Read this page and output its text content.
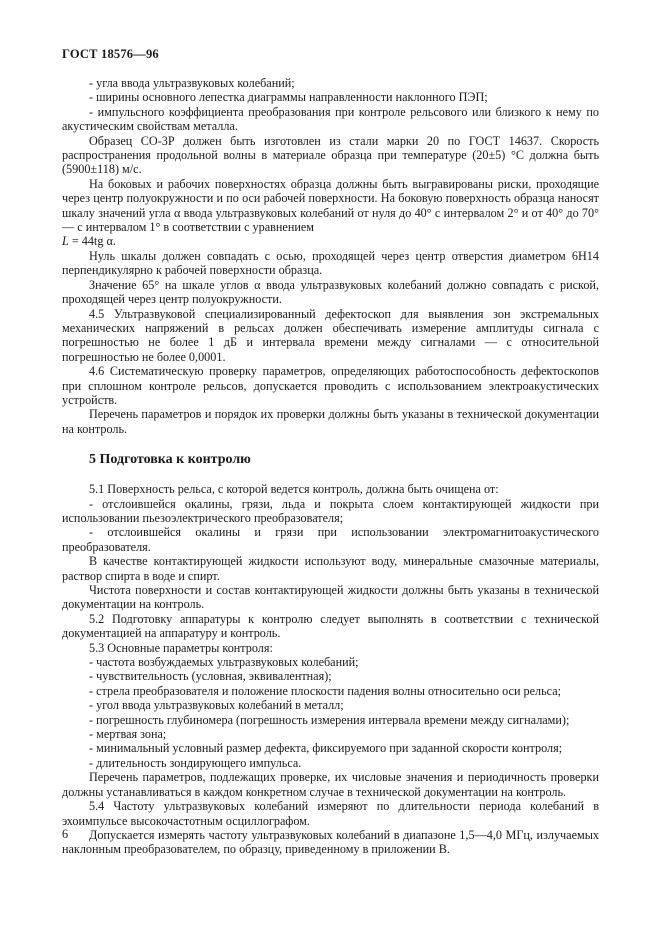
ГОСТ 18576—96

- угла ввода ультразвуковых колебаний;

- ширины основного лепестка диаграммы направленности наклонного ПЭП;

- импульсного коэффициента преобразования при контроле рельсового или близкого к нему по акустическим свойствам металла.

Образец СО-3Р должен быть изготовлен из стали марки 20 по ГОСТ 14637. Скорость распространения продольной волны в материале образца при температуре (20±5) °С должна быть (5900±118) м/с.

На боковых и рабочих поверхностях образца должны быть выгравированы риски, проходящие через центр полуокружности и по оси рабочей поверхности. На боковую поверхность образца наносят шкалу значений угла α ввода ультразвуковых колебаний от нуля до 40° с интервалом 2° и от 40° до 70° — с интервалом 1° в соответствии с уравнением

L = 44tg α.

Нуль шкалы должен совпадать с осью, проходящей через центр отверстия диаметром 6Н14 перпендикулярно к рабочей поверхности образца.

Значение 65° на шкале углов α ввода ультразвуковых колебаний должно совпадать с риской, проходящей через центр полуокружности.

4.5 Ультразвуковой специализированный дефектоскоп для выявления зон экстремальных механических напряжений в рельсах должен обеспечивать измерение амплитуды сигнала с погрешностью не более 1 дБ и интервала времени между сигналами — с относительной погрешностью не более 0,0001.

4.6 Систематическую проверку параметров, определяющих работоспособность дефектоскопов при сплошном контроле рельсов, допускается проводить с использованием электроакустических устройств.

Перечень параметров и порядок их проверки должны быть указаны в технической документации на контроль.

5 Подготовка к контролю

5.1 Поверхность рельса, с которой ведется контроль, должна быть очищена от:

- отслоившейся окалины, грязи, льда и покрыта слоем контактирующей жидкости при использовании пьезоэлектрического преобразователя;

- отслоившейся окалины и грязи при использовании электромагнитоакустического преобразователя.

В качестве контактирующей жидкости используют воду, минеральные смазочные материалы, раствор спирта в воде и спирт.

Чистота поверхности и состав контактирующей жидкости должны быть указаны в технической документации на контроль.

5.2 Подготовку аппаратуры к контролю следует выполнять в соответствии с технической документацией на аппаратуру и контроль.

5.3 Основные параметры контроля:

- частота возбуждаемых ультразвуковых колебаний;

- чувствительность (условная, эквивалентная);

- стрела преобразователя и положение плоскости падения волны относительно оси рельса;

- угол ввода ультразвуковых колебаний в металл;

- погрешность глубиномера (погрешность измерения интервала времени между сигналами);

- мертвая зона;

- минимальный условный размер дефекта, фиксируемого при заданной скорости контроля;

- длительность зондирующего импульса.

Перечень параметров, подлежащих проверке, их числовые значения и периодичность проверки должны устанавливаться в каждом конкретном случае в технической документации на контроль.

5.4 Частоту ультразвуковых колебаний измеряют по длительности периода колебаний в эхоимпульсе высокочастотным осциллографом.

Допускается измерять частоту ультразвуковых колебаний в диапазоне 1,5—4,0 МГц, излучаемых наклонным преобразователем, по образцу, приведенному в приложении В.

6
